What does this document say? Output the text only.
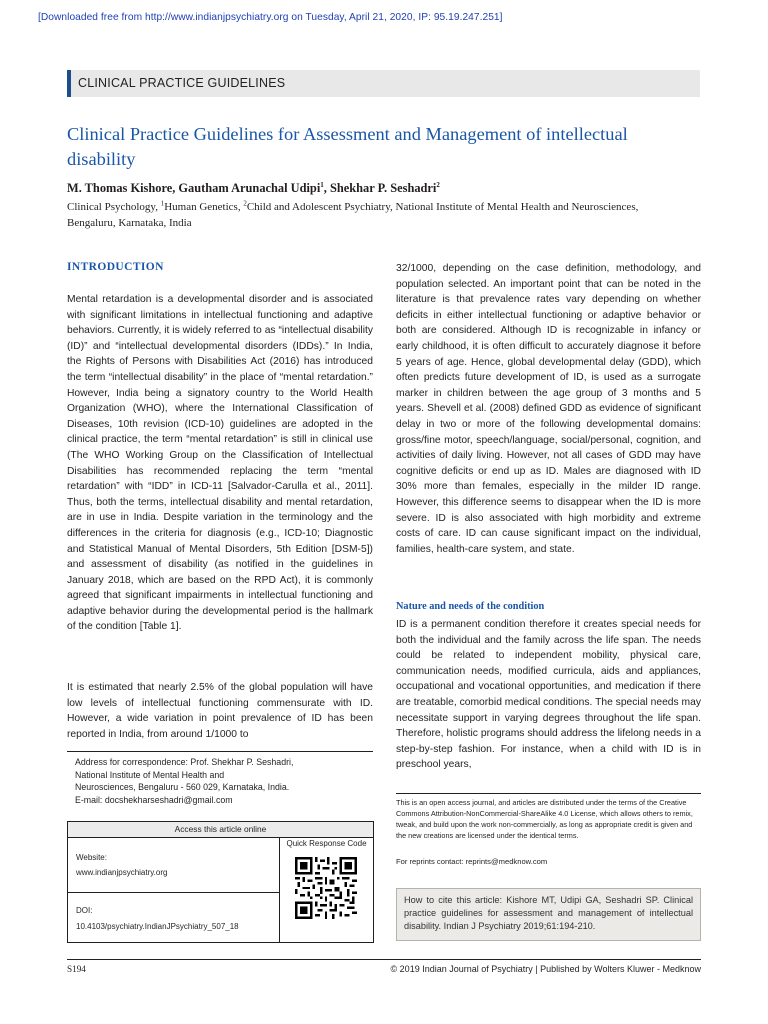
[Downloaded free from http://www.indianjpsychiatry.org on Tuesday, April 21, 2020, IP: 95.19.247.251]
CLINICAL PRACTICE GUIDELINES
Clinical Practice Guidelines for Assessment and Management of intellectual disability
M. Thomas Kishore, Gautham Arunachal Udipi$^1$, Shekhar P. Seshadri$^2$
Clinical Psychology, $^1$Human Genetics, $^2$Child and Adolescent Psychiatry, National Institute of Mental Health and Neurosciences, Bengaluru, Karnataka, India
INTRODUCTION

Mental retardation is a developmental disorder and is associated with significant limitations in intellectual functioning and adaptive behaviors. Currently, it is widely referred to as “intellectual disability (ID)” and “intellectual developmental disorders (IDDs).” In India, the Rights of Persons with Disabilities Act (2016) has introduced the term “intellectual disability” in the place of “mental retardation.” However, India being a signatory country to the World Health Organization (WHO), where the International Classification of Diseases, 10th revision (ICD-10) guidelines are adopted in the clinical practice, the term “mental retardation” is still in clinical use (The WHO Working Group on the Classification of Intellectual Disabilities has recommended replacing the term “mental retardation” with “IDD” in ICD-11 [Salvador-Carulla et al., 2011]. Thus, both the terms, intellectual disability and mental retardation, are in use in India. Despite variation in the terminology and the differences in the criteria for diagnosis (e.g., ICD-10; Diagnostic and Statistical Manual of Mental Disorders, 5th Edition [DSM-5]) and assessment of disability (as notified in the guidelines in January 2018, which are based on the RPD Act), it is commonly agreed that significant impairments in intellectual functioning and adaptive behavior during the developmental period is the hallmark of the condition [Table 1].

It is estimated that nearly 2.5% of the global population will have low levels of intellectual functioning commensurate with ID. However, a wide variation in point prevalence of ID has been reported in India, from around 1/1000 to

32/1000, depending on the case definition, methodology, and population selected. An important point that can be noted in the literature is that prevalence rates vary depending on whether deficits in either intellectual functioning or adaptive behavior or both are considered. Although ID is recognizable in infancy or early childhood, it is often difficult to accurately diagnose it before 5 years of age. Hence, global developmental delay (GDD), which often predicts future development of ID, is used as a surrogate marker in children between the age group of 3 months and 5 years. Shevell et al. (2008) defined GDD as evidence of significant delay in two or more of the following developmental domains: gross/fine motor, speech/language, social/personal, cognition, and activities of daily living. However, not all cases of GDD may have cognitive deficits or end up as ID. Males are diagnosed with ID 30% more than females, especially in the milder ID range. However, this difference seems to disappear when the ID is more severe. ID is also associated with high morbidity and extreme costs of care. ID can cause significant impact on the individual, families, health-care system, and state.

Nature and needs of the condition

ID is a permanent condition therefore it creates special needs for both the individual and the family across the life span. The needs could be related to independent mobility, physical care, communication needs, modified curricula, aids and appliances, occupational and vocational opportunities, and medication if there are treatable, comorbid medical conditions. The special needs may necessitate support in varying degrees throughout the life span. Therefore, holistic programs should address the lifelong needs in a step-by-step fashion. For instance, when a child with ID is in preschool years,

Address for correspondence: Prof. Shekhar P. Seshadri,
National Institute of Mental Health and
Neurosciences, Bengaluru - 560 029, Karnataka, India.
E-mail: docshekharseshadri@gmail.com
Access this article online
Website:
www.indianjpsychiatry.org
DOI:
10.4103/psychiatry.IndianJPsychiatry_507_18
Quick Response Code
This is an open access journal, and articles are distributed under the terms of the Creative Commons Attribution-NonCommercial-ShareAlike 4.0 License, which allows others to remix, tweak, and build upon the work non-commercially, as long as appropriate credit is given and the new creations are licensed under the identical terms.
For reprints contact: reprints@medknow.com
How to cite this article: Kishore MT, Udipi GA, Seshadri SP. Clinical practice guidelines for assessment and management of intellectual disability. Indian J Psychiatry 2019;61:194-210.
S194	© 2019 Indian Journal of Psychiatry | Published by Wolters Kluwer - Medknow
